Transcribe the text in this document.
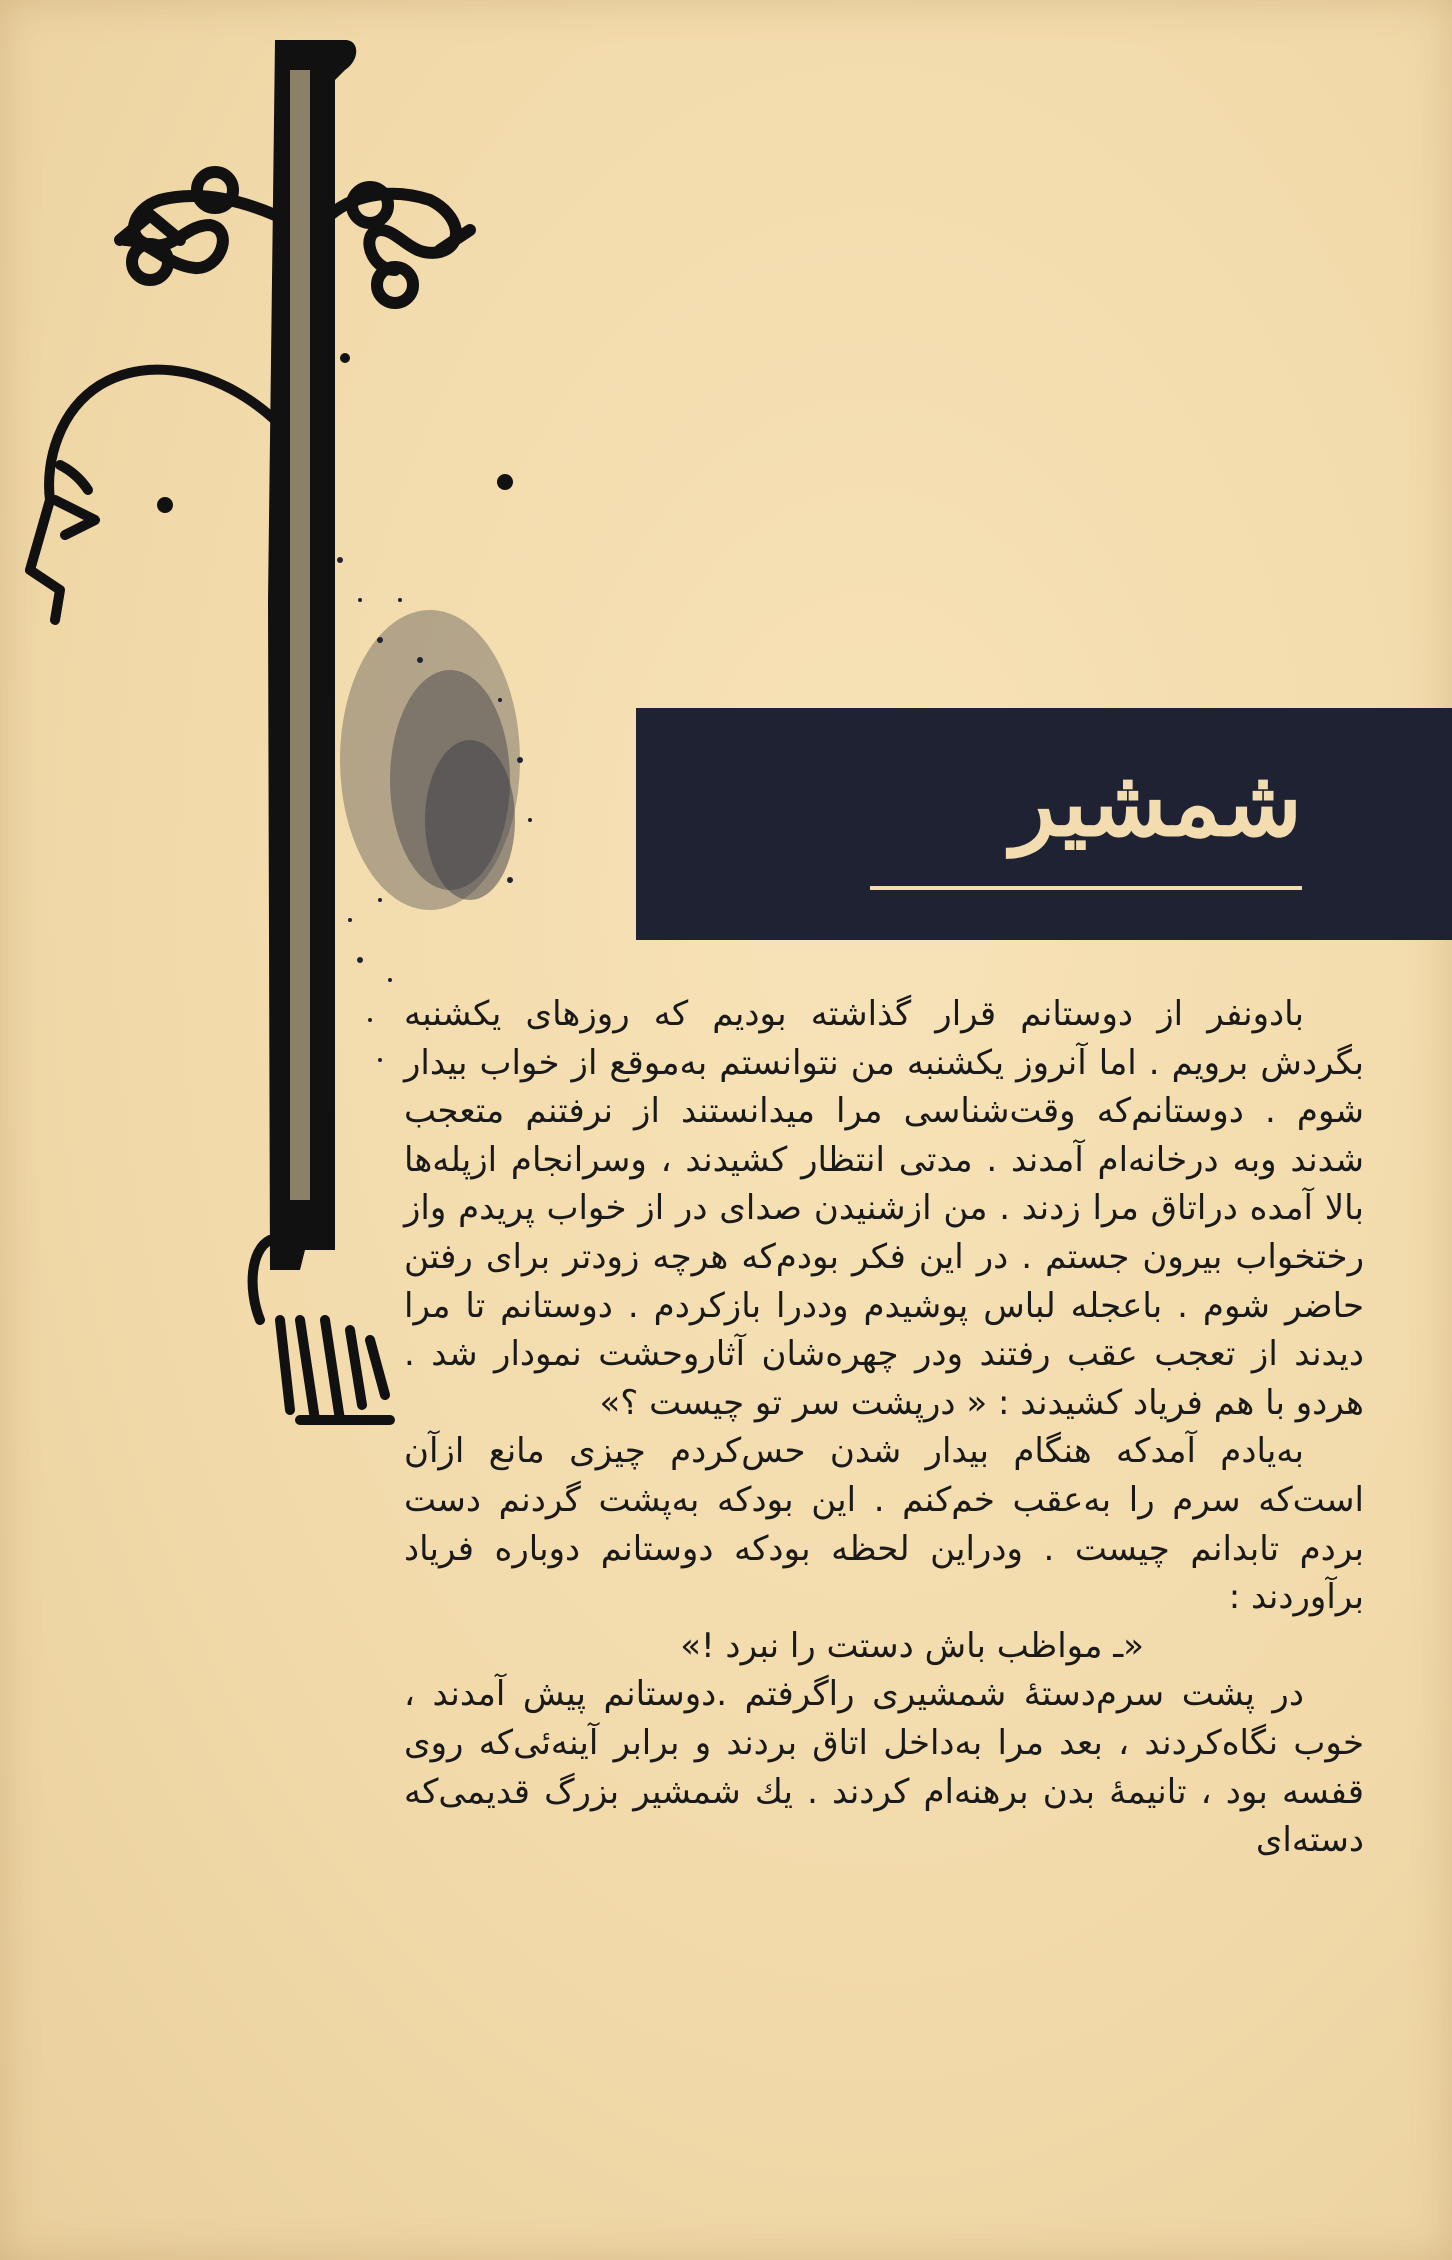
شمشیر

بادونفر از دوستانم قرار گذاشته بودیم که روزهای یکشنبه بگردش برویم . اما آنروز یکشنبه من نتوانستم به‌موقع از خواب بیدار شوم . دوستانم‌که وقت‌شناسی مرا میدانستند از نرفتنم متعجب شدند وبه درخانه‌ام آمدند . مدتی انتظار کشیدند ، وسرانجام ازپله‌ها بالا آمده دراتاق مرا زدند . من ازشنیدن صدای در از خواب پریدم واز رختخواب بیرون جستم . در این فکر بودم‌که هرچه زودتر برای رفتن حاضر شوم . باعجله لباس پوشیدم وددرا بازکردم . دوستانم تا مرا دیدند از تعجب عقب رفتند ودر چهره‌شان آثاروحشت نمودار شد . هردو با هم فریاد کشیدند : « درپشت سر تو چیست ؟»

به‌یادم آمدکه هنگام بیدار شدن حس‌کردم چیزی مانع ازآن است‌که سرم را به‌عقب خم‌کنم . این بودکه به‌پشت گردنم دست بردم تابدانم چیست . ودراین لحظه بودکه دوستانم دوباره فریاد برآوردند :

«ـ مواظب باش دستت را نبرد !»

در پشت سرم‌دستهٔ شمشیری راگرفتم .دوستانم پیش آمدند ، خوب نگاه‌کردند ، بعد مرا به‌داخل اتاق بردند و برابر آینه‌ئی‌که روی قفسه بود ، تانیمهٔ بدن برهنه‌ام کردند . یك شمشیر بزرگ قدیمی‌که دسته‌ای
